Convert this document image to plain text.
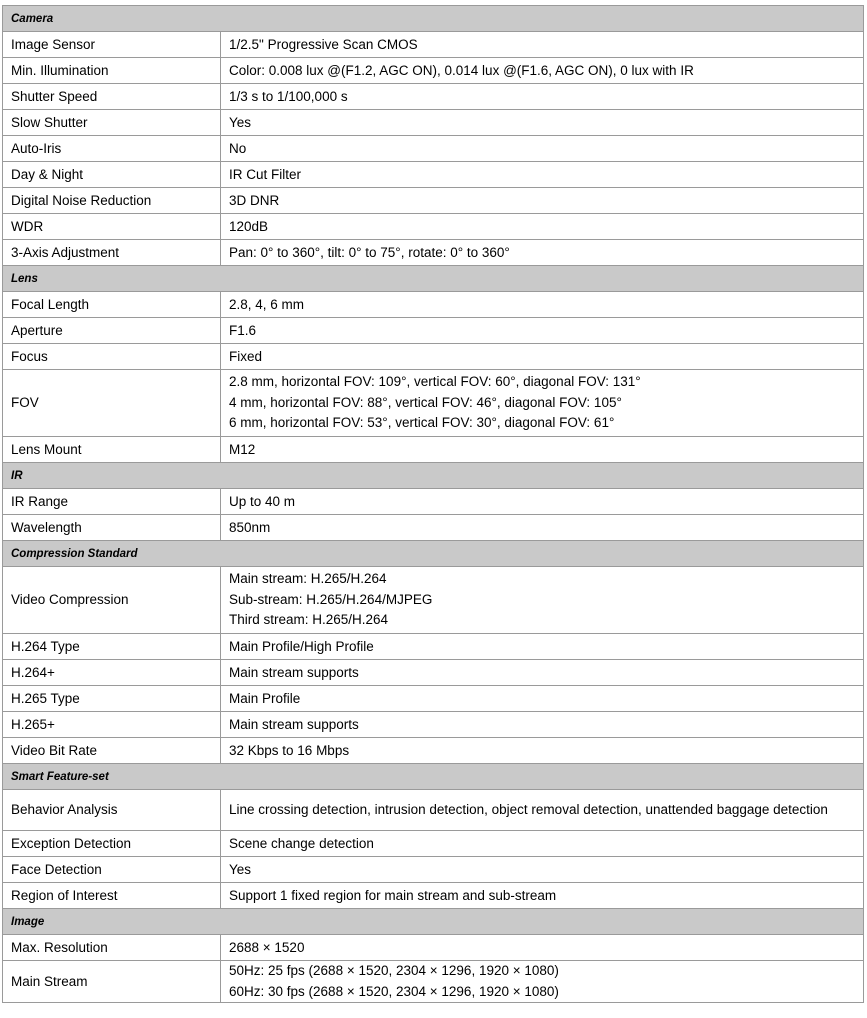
Camera	
Image Sensor	1/2.5" Progressive Scan CMOS
Min. Illumination	Color: 0.008 lux @(F1.2, AGC ON), 0.014 lux @(F1.6, AGC ON), 0 lux with IR
Shutter Speed	1/3 s to 1/100,000 s
Slow Shutter	Yes
Auto-Iris	No
Day & Night	IR Cut Filter
Digital Noise Reduction	3D DNR
WDR	120dB
3-Axis Adjustment	Pan: 0° to 360°, tilt: 0° to 75°, rotate: 0° to 360°
Lens	
Focal Length	2.8, 4, 6 mm
Aperture	F1.6
Focus	Fixed
FOV	2.8 mm, horizontal FOV: 109°, vertical FOV: 60°, diagonal FOV: 131°
4 mm, horizontal FOV: 88°, vertical FOV: 46°, diagonal FOV: 105°
6 mm, horizontal FOV: 53°, vertical FOV: 30°, diagonal FOV: 61°

Lens Mount	M12
IR	
IR Range	Up to 40 m
Wavelength	850nm
Compression Standard	
Video Compression	Main stream: H.265/H.264
Sub-stream: H.265/H.264/MJPEG
Third stream: H.265/H.264

H.264 Type	Main Profile/High Profile
H.264+	Main stream supports
H.265 Type	Main Profile
H.265+	Main stream supports
Video Bit Rate	32 Kbps to 16 Mbps
Smart Feature-set	
Behavior Analysis	Line crossing detection, intrusion detection, object removal detection, unattended baggage detection
Exception Detection	Scene change detection
Face Detection	Yes
Region of Interest	Support 1 fixed region for main stream and sub-stream
Image	
Max. Resolution	2688 × 1520
Main Stream	50Hz: 25 fps (2688 × 1520, 2304 × 1296, 1920 × 1080)
60Hz: 30 fps (2688 × 1520, 2304 × 1296, 1920 × 1080)
